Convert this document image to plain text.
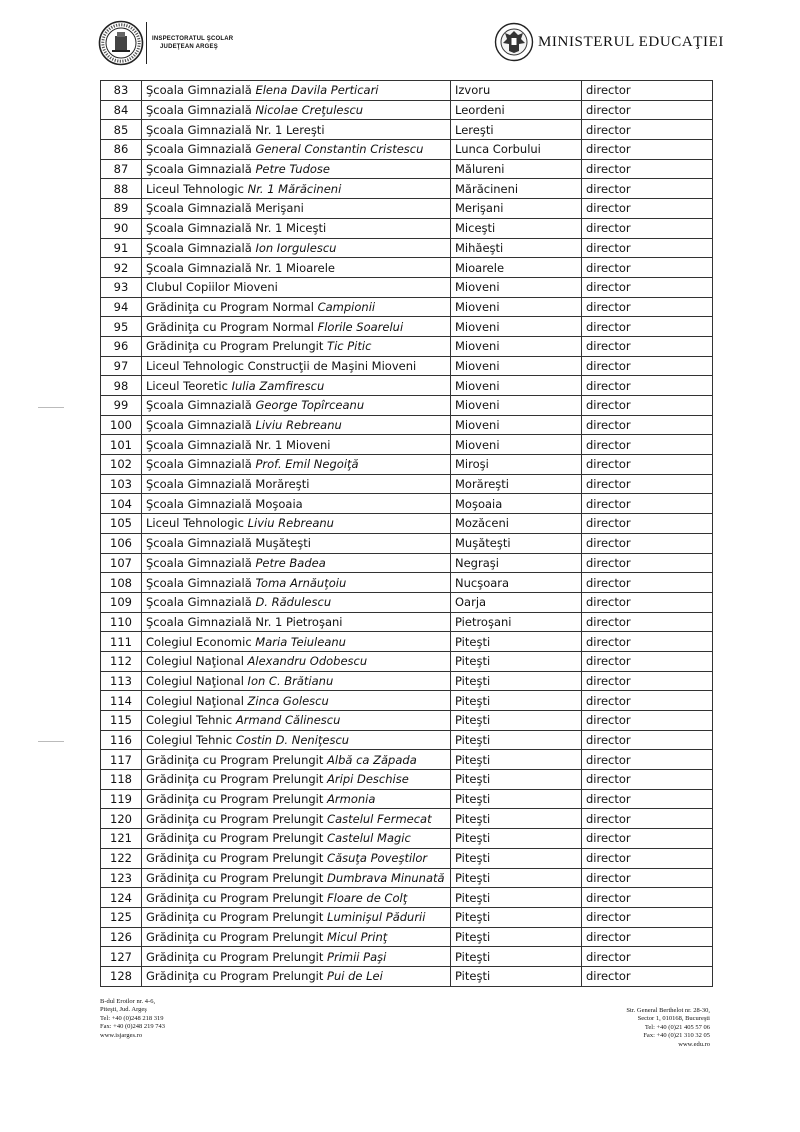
INSPECTORATUL ŞCOLAR
JUDEŢEAN ARGEŞ	MINISTERUL EDUCAŢIEI
83	Şcoala Gimnazială Elena Davila Perticari	Izvoru	director
84	Şcoala Gimnazială Nicolae Creţulescu	Leordeni	director
85	Şcoala Gimnazială Nr. 1 Lereşti	Lereşti	director
86	Şcoala Gimnazială General Constantin Cristescu	Lunca Corbului	director
87	Şcoala Gimnazială Petre Tudose	Mălureni	director
88	Liceul Tehnologic Nr. 1 Mărăcineni	Mărăcineni	director
89	Şcoala Gimnazială Merişani	Merişani	director
90	Şcoala Gimnazială Nr. 1 Miceşti	Miceşti	director
91	Şcoala Gimnazială Ion Iorgulescu	Mihăeşti	director
92	Şcoala Gimnazială Nr. 1 Mioarele	Mioarele	director
93	Clubul Copiilor Mioveni	Mioveni	director
94	Grădiniţa cu Program Normal Campionii	Mioveni	director
95	Grădiniţa cu Program Normal Florile Soarelui	Mioveni	director
96	Grădiniţa cu Program Prelungit Tic Pitic	Mioveni	director
97	Liceul Tehnologic Construcţii de Maşini Mioveni	Mioveni	director
98	Liceul Teoretic Iulia Zamfirescu	Mioveni	director
99	Şcoala Gimnazială George Topîrceanu	Mioveni	director
100	Şcoala Gimnazială Liviu Rebreanu	Mioveni	director
101	Şcoala Gimnazială Nr. 1 Mioveni	Mioveni	director
102	Şcoala Gimnazială Prof. Emil Negoiţă	Miroşi	director
103	Şcoala Gimnazială Morăreşti	Morăreşti	director
104	Şcoala Gimnazială Moşoaia	Moşoaia	director
105	Liceul Tehnologic Liviu Rebreanu	Mozăceni	director
106	Şcoala Gimnazială Muşăteşti	Muşăteşti	director
107	Şcoala Gimnazială Petre Badea	Negraşi	director
108	Şcoala Gimnazială Toma Arnăuţoiu	Nucşoara	director
109	Şcoala Gimnazială D. Rădulescu	Oarja	director
110	Şcoala Gimnazială Nr. 1 Pietroşani	Pietroşani	director
111	Colegiul Economic Maria Teiuleanu	Piteşti	director
112	Colegiul Naţional Alexandru Odobescu	Piteşti	director
113	Colegiul Naţional Ion C. Brătianu	Piteşti	director
114	Colegiul Naţional Zinca Golescu	Piteşti	director
115	Colegiul Tehnic Armand Călinescu	Piteşti	director
116	Colegiul Tehnic Costin D. Neniţescu	Piteşti	director
117	Grădiniţa cu Program Prelungit Albă ca Zăpada	Piteşti	director
118	Grădiniţa cu Program Prelungit Aripi Deschise	Piteşti	director
119	Grădiniţa cu Program Prelungit Armonia	Piteşti	director
120	Grădiniţa cu Program Prelungit Castelul Fermecat	Piteşti	director
121	Grădiniţa cu Program Prelungit Castelul Magic	Piteşti	director
122	Grădiniţa cu Program Prelungit Căsuţa Poveştilor	Piteşti	director
123	Grădiniţa cu Program Prelungit Dumbrava Minunată	Piteşti	director
124	Grădiniţa cu Program Prelungit Floare de Colţ	Piteşti	director
125	Grădiniţa cu Program Prelungit Luminişul Pădurii	Piteşti	director
126	Grădiniţa cu Program Prelungit Micul Prinţ	Piteşti	director
127	Grădiniţa cu Program Prelungit Primii Paşi	Piteşti	director
128	Grădiniţa cu Program Prelungit Pui de Lei	Piteşti	director
B-dul Eroilor nr. 4-6,
Piteşti, Jud. Argeş
Tel: +40 (0)248 218 319
Fax: +40 (0)248 219 743
www.isjarges.ro
Str. General Berthelot nr. 28-30,
Sector 1, 010168, Bucureşti
Tel: +40 (0)21 405 57 06
Fax: +40 (0)21 310 32 05
www.edu.ro
